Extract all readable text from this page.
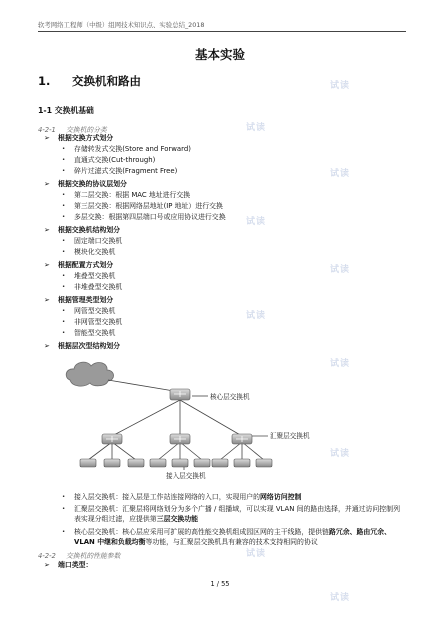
软考网络工程师（中级）组网技术知识点、实验总结_2018
基本实验
1. 交换机和路由
1-1 交换机基础
4-2-1 交换机的分类
➢ 根据交换方式划分
• 存储转发式交换(Store and Forward)
• 直通式交换(Cut-through)
• 碎片过滤式交换(Fragment Free)
➢ 根据交换的协议层划分
• 第二层交换：根据 MAC 地址进行交换
• 第三层交换：根据网络层地址(IP 地址）进行交换
• 多层交换：根据第四层端口号或应用协议进行交换
➢ 根据交换机结构划分
• 固定端口交换机
• 模块化交换机
➢ 根据配置方式划分
• 堆叠型交换机
• 非堆叠型交换机
➢ 根据管理类型划分
• 网管型交换机
• 非网管型交换机
• 智能型交换机
➢ 根据层次型结构划分
核心层交换机
汇聚层交换机
接入层交换机
•	接入层交换机：接入层是工作站连接网络的入口，实现用户的网络访问控制
•	汇聚层交换机：汇聚层将网络划分为多个广播 / 组播域，可以实现 VLAN 间的路由选择，并通过访问控制列表实现分组过滤，应提供第三层交换功能
•	核心层交换机：核心层应采用可扩展的高性能交换机组成园区网的主干线路，提供链路冗余、路由冗余、VLAN 中继和负载均衡等功能，与汇聚层交换机具有兼容的技术支持相同的协议
4-2-2 交换机的性能参数
➢ 端口类型：
试读
试读
试读
试读
试读
试读
试读
试读
试读
试读
1 / 55
